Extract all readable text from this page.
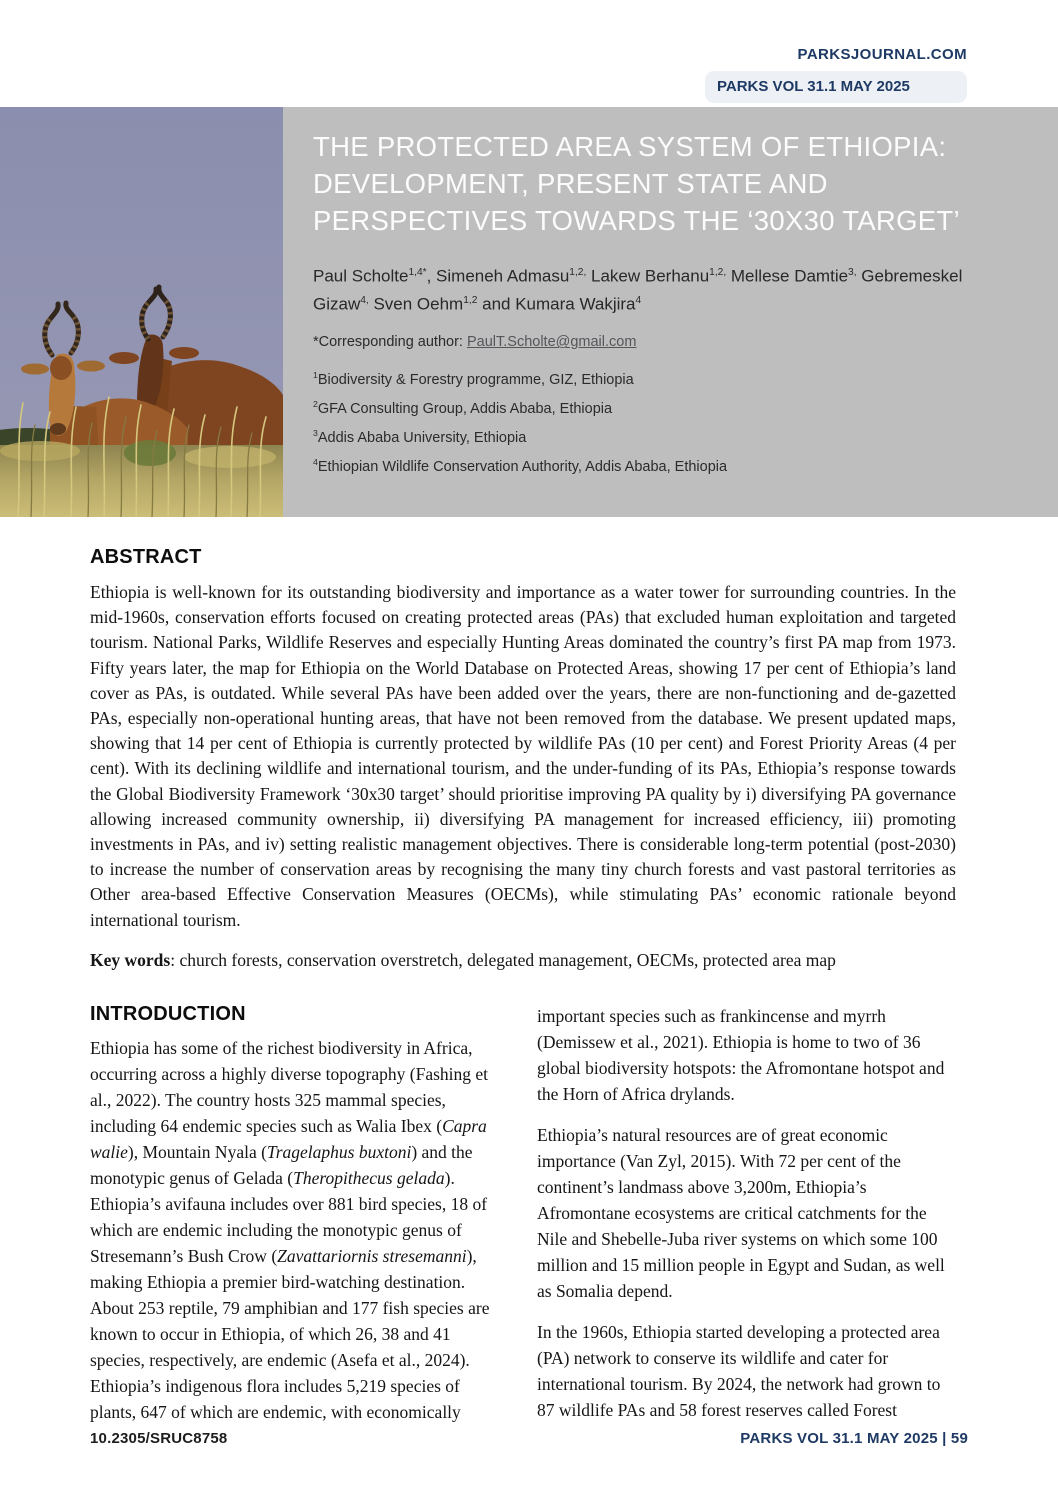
PARKSJOURNAL.COM
PARKS VOL 31.1 MAY 2025
THE PROTECTED AREA SYSTEM OF ETHIOPIA:
DEVELOPMENT, PRESENT STATE AND
PERSPECTIVES TOWARDS THE ‘30X30 TARGET’

Paul Scholte$^{1,4*}$, Simeneh Admasu$^{1,2,}$ Lakew Berhanu$^{1,2,}$ Mellese Damtie$^{3,}$ Gebremeskel Gizaw$^{4,}$ Sven Oehm$^{1,2}$ and Kumara Wakjira$^4$

*Corresponding author: PaulT.Scholte@gmail.com

$^1$Biodiversity & Forestry programme, GIZ, Ethiopia

$^2$GFA Consulting Group, Addis Ababa, Ethiopia

$^3$Addis Ababa University, Ethiopia

$^4$Ethiopian Wildlife Conservation Authority, Addis Ababa, Ethiopia

ABSTRACT

Ethiopia is well-known for its outstanding biodiversity and importance as a water tower for surrounding countries. In the mid-1960s, conservation efforts focused on creating protected areas (PAs) that excluded human exploitation and targeted tourism. National Parks, Wildlife Reserves and especially Hunting Areas dominated the country’s first PA map from 1973. Fifty years later, the map for Ethiopia on the World Database on Protected Areas, showing 17 per cent of Ethiopia’s land cover as PAs, is outdated. While several PAs have been added over the years, there are non-functioning and de-gazetted PAs, especially non-operational hunting areas, that have not been removed from the database. We present updated maps, showing that 14 per cent of Ethiopia is currently protected by wildlife PAs (10 per cent) and Forest Priority Areas (4 per cent). With its declining wildlife and international tourism, and the under-funding of its PAs, Ethiopia’s response towards the Global Biodiversity Framework ‘30x30 target’ should prioritise improving PA quality by i) diversifying PA governance allowing increased community ownership, ii) diversifying PA management for increased efficiency, iii) promoting investments in PAs, and iv) setting realistic management objectives. There is considerable long-term potential (post-2030) to increase the number of conservation areas by recognising the many tiny church forests and vast pastoral territories as Other area-based Effective Conservation Measures (OECMs), while stimulating PAs’ economic rationale beyond international tourism.

Key words: church forests, conservation overstretch, delegated management, OECMs, protected area map

INTRODUCTION

Ethiopia has some of the richest biodiversity in Africa, occurring across a highly diverse topography (Fashing et al., 2022). The country hosts 325 mammal species, including 64 endemic species such as Walia Ibex (Capra walie), Mountain Nyala (Tragelaphus buxtoni) and the monotypic genus of Gelada (Theropithecus gelada). Ethiopia’s avifauna includes over 881 bird species, 18 of which are endemic including the monotypic genus of Stresemann’s Bush Crow (Zavattariornis stresemanni), making Ethiopia a premier bird-watching destination. About 253 reptile, 79 amphibian and 177 fish species are known to occur in Ethiopia, of which 26, 38 and 41 species, respectively, are endemic (Asefa et al., 2024). Ethiopia’s indigenous flora includes 5,219 species of plants, 647 of which are endemic, with economically

important species such as frankincense and myrrh (Demissew et al., 2021). Ethiopia is home to two of 36 global biodiversity hotspots: the Afromontane hotspot and the Horn of Africa drylands.

Ethiopia’s natural resources are of great economic importance (Van Zyl, 2015). With 72 per cent of the continent’s landmass above 3,200m, Ethiopia’s Afromontane ecosystems are critical catchments for the Nile and Shebelle-Juba river systems on which some 100 million and 15 million people in Egypt and Sudan, as well as Somalia depend.

In the 1960s, Ethiopia started developing a protected area (PA) network to conserve its wildlife and cater for international tourism. By 2024, the network had grown to 87 wildlife PAs and 58 forest reserves called Forest

10.2305/SRUC8758	PARKS VOL 31.1 MAY 2025 | 59
